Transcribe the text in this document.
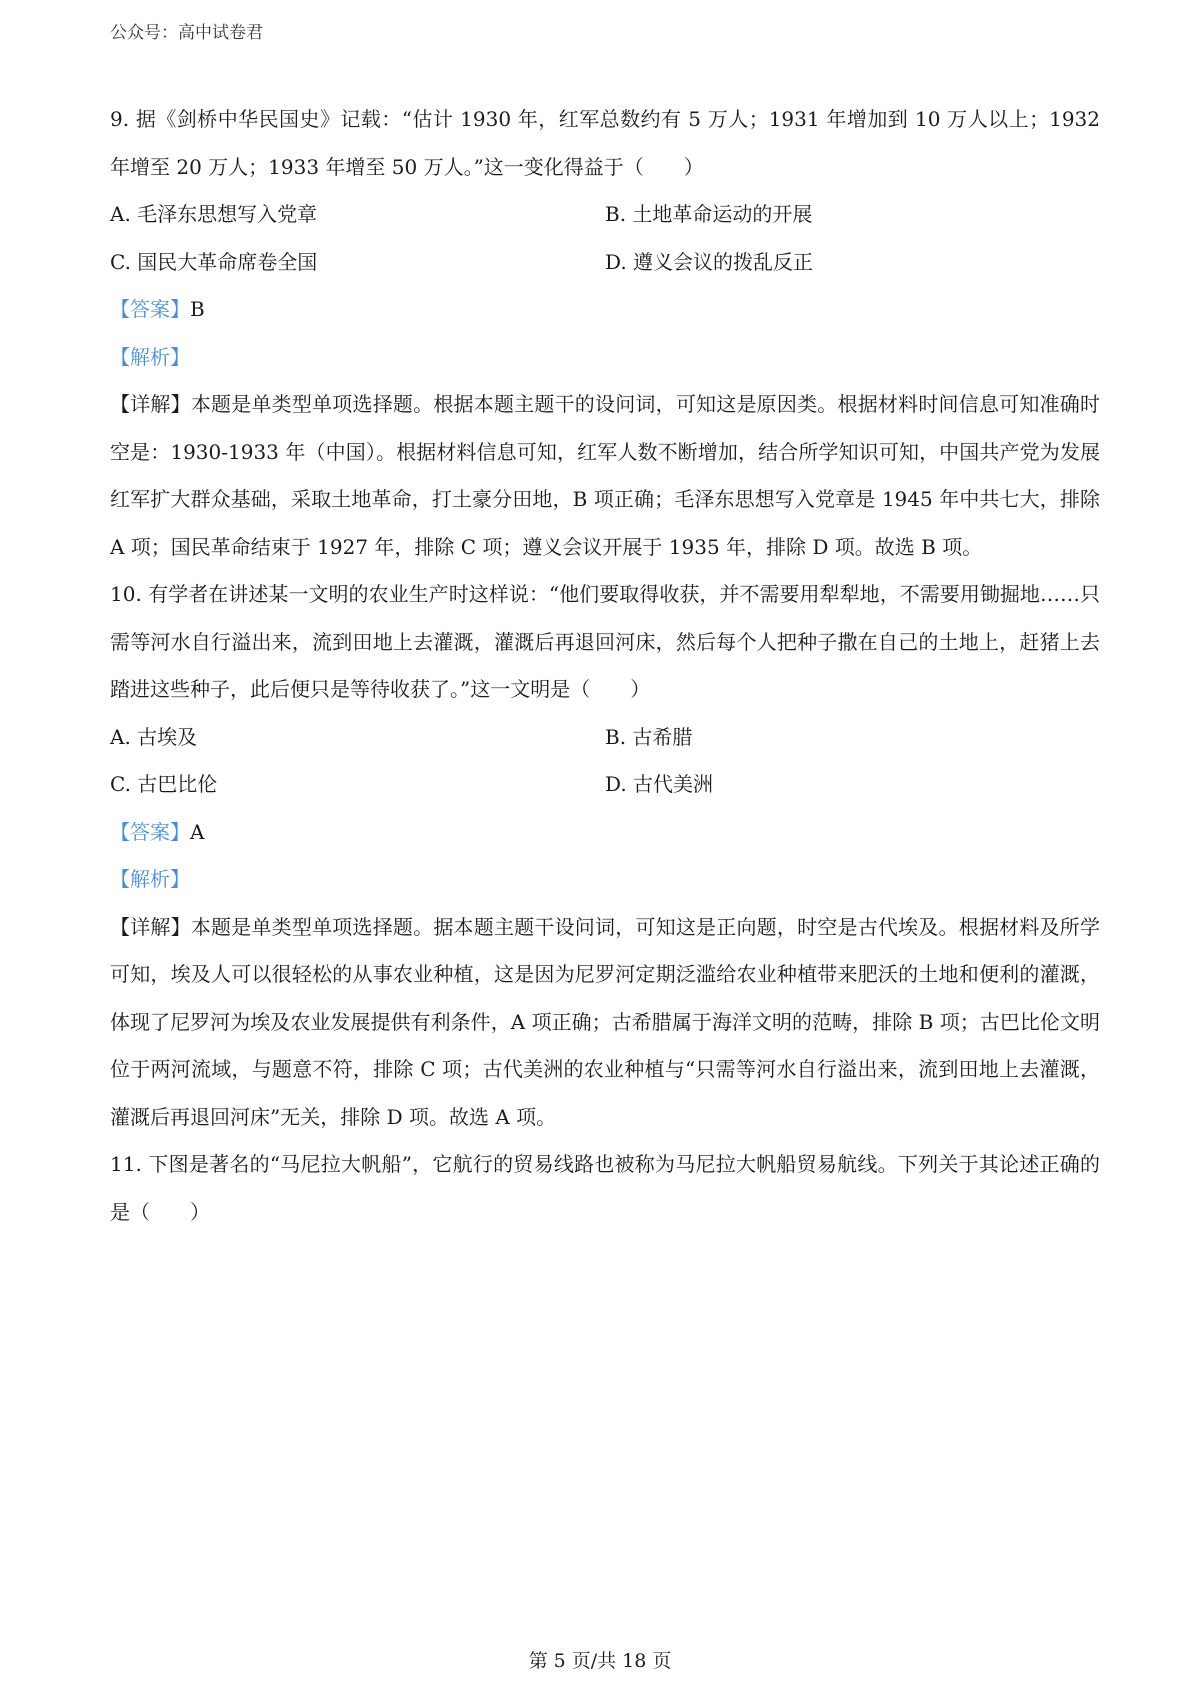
公众号：高中试卷君

9. 据《剑桥中华民国史》记载：“估计 1930 年，红军总数约有 5 万人；1931 年增加到 10 万人以上；1932 年增至 20 万人；1933 年增至 50 万人。”这一变化得益于（　　）

A. 毛泽东思想写入党章	B. 土地革命运动的开展
C. 国民大革命席卷全国	D. 遵义会议的拨乱反正

【答案】B

【解析】

【详解】本题是单类型单项选择题。根据本题主题干的设问词，可知这是原因类。根据材料时间信息可知准确时空是：1930-1933 年（中国）。根据材料信息可知，红军人数不断增加，结合所学知识可知，中国共产党为发展红军扩大群众基础，采取土地革命，打土豪分田地，B 项正确；毛泽东思想写入党章是 1945 年中共七大，排除 A 项；国民革命结束于 1927 年，排除 C 项；遵义会议开展于 1935 年，排除 D 项。故选 B 项。

10. 有学者在讲述某一文明的农业生产时这样说：“他们要取得收获，并不需要用犁犁地，不需要用锄掘地……只需等河水自行溢出来，流到田地上去灌溉，灌溉后再退回河床，然后每个人把种子撒在自己的土地上，赶猪上去踏进这些种子，此后便只是等待收获了。”这一文明是（　　）

A. 古埃及	B. 古希腊
C. 古巴比伦	D. 古代美洲

【答案】A

【解析】

【详解】本题是单类型单项选择题。据本题主题干设问词，可知这是正向题，时空是古代埃及。根据材料及所学可知，埃及人可以很轻松的从事农业种植，这是因为尼罗河定期泛滥给农业种植带来肥沃的土地和便利的灌溉，体现了尼罗河为埃及农业发展提供有利条件，A 项正确；古希腊属于海洋文明的范畴，排除 B 项；古巴比伦文明位于两河流域，与题意不符，排除 C 项；古代美洲的农业种植与“只需等河水自行溢出来，流到田地上去灌溉，灌溉后再退回河床”无关，排除 D 项。故选 A 项。

11. 下图是著名的“马尼拉大帆船”，它航行的贸易线路也被称为马尼拉大帆船贸易航线。下列关于其论述正确的是（　　）

第 5 页/共 18 页
